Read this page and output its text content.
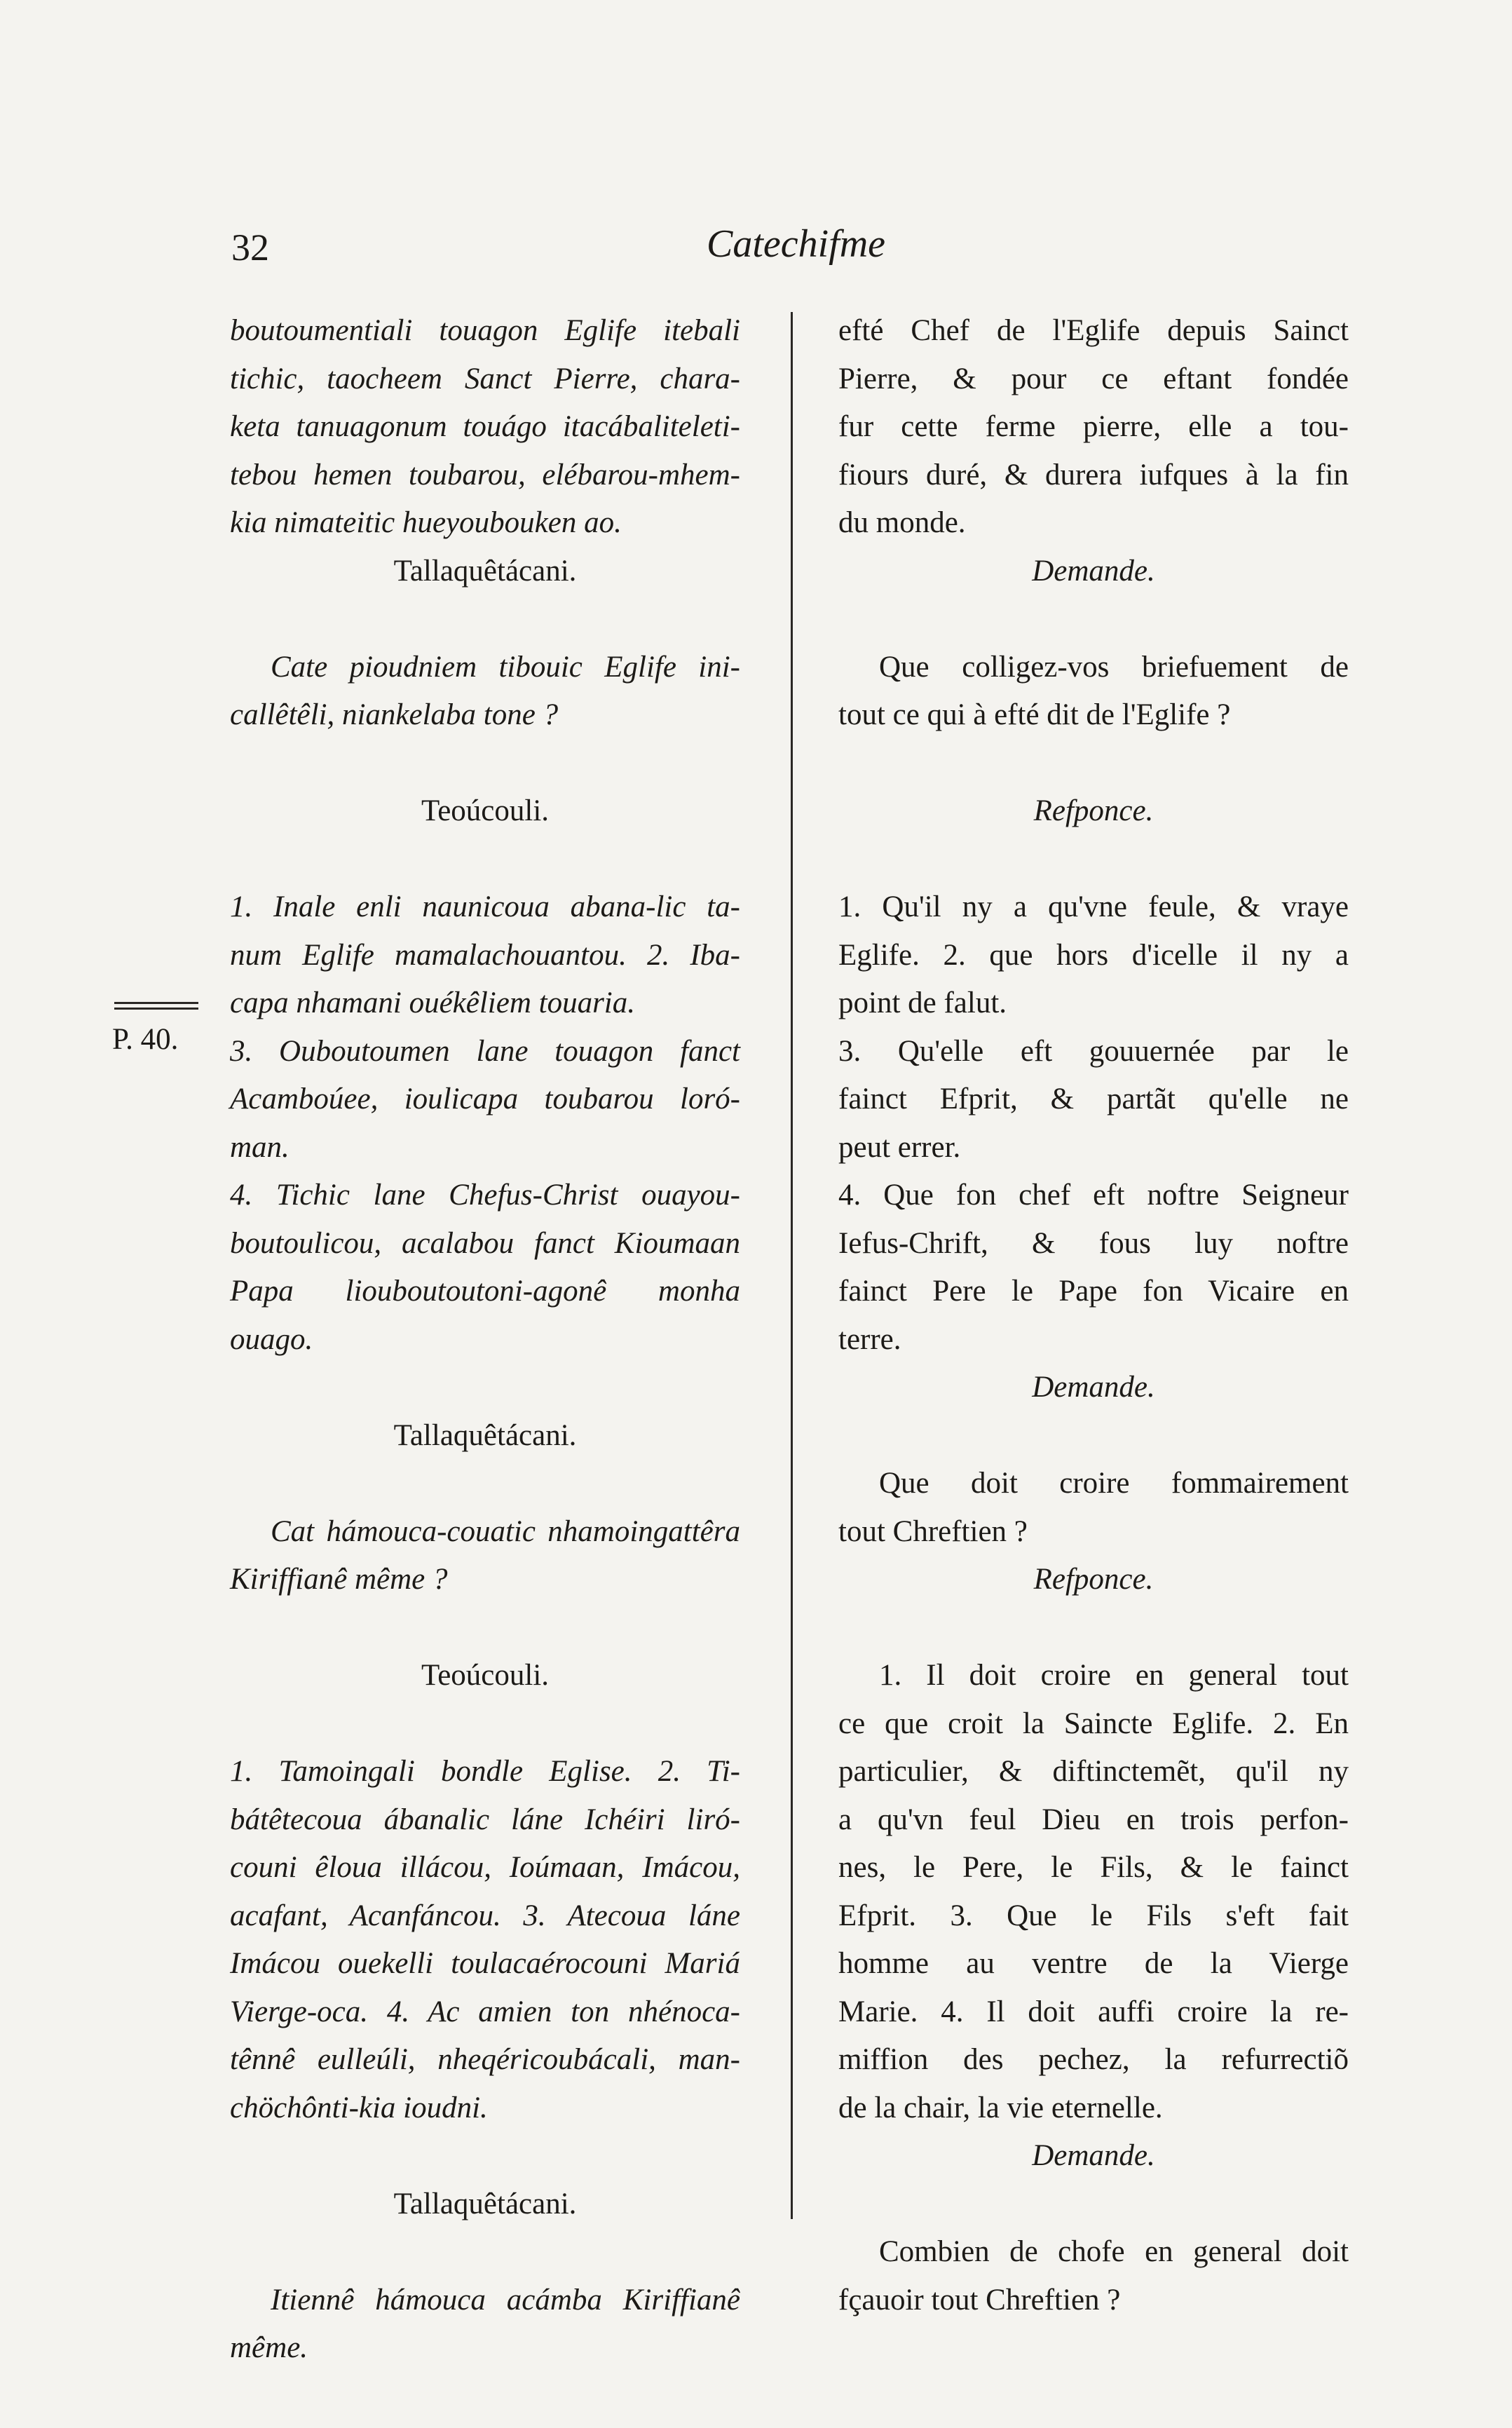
32	Catechifme
P. 40.

boutoumentiali touagon Eglife itebali

tichic, taocheem Sanct Pierre, chara-

keta tanuagonum touágo itacábaliteleti-

tebou hemen toubarou, elébarou-mhem-

kia nimateitic hueyoubouken ao.

Tallaquêtácani.

Cate pioudniem tibouic Eglife ini-

callêtêli, niankelaba tone ?

Teoúcouli.

1. Inale enli naunicoua abana-lic ta-

num Eglife mamalachouantou. 2. Iba-

capa nhamani ouékêliem touaria.

3. Ouboutoumen lane touagon fanct

Acamboúee, ioulicapa toubarou loró-

man.

4. Tichic lane Chefus-Christ ouayou-

boutoulicou, acalabou fanct Kioumaan

Papa liouboutoutoni-agonê monha

ouago.

Tallaquêtácani.

Cat hámouca-couatic nhamoingattêra

Kiriffianê même ?

Teoúcouli.

1. Tamoingali bondle Eglise. 2. Ti-

bátêtecoua ábanalic láne Ichéiri liró-

couni êloua illácou, Ioúmaan, Imácou,

acafant, Acanfáncou. 3. Atecoua láne

Imácou ouekelli toulacaérocouni Mariá

Vierge-oca. 4. Ac amien ton nhénoca-

tênnê eulleúli, nheqéricoubácali, man-

chöchônti-kia ioudni.

Tallaquêtácani.

Itiennê hámouca acámba Kiriffianê

même.

efté Chef de l'Eglife depuis Sainct

Pierre, & pour ce eftant fondée

fur cette ferme pierre, elle a tou-

fiours duré, & durera iufques à la fin

du monde.

Demande.

Que colligez-vos briefuement de

tout ce qui à efté dit de l'Eglife ?

Refponce.

1. Qu'il ny a qu'vne feule, & vraye

Eglife. 2. que hors d'icelle il ny a

point de falut.

3. Qu'elle eft gouuernée par le

fainct Efprit, & partãt qu'elle ne

peut errer.

4. Que fon chef eft noftre Seigneur

Iefus-Chrift, & fous luy noftre

fainct Pere le Pape fon Vicaire en

terre.

Demande.

Que doit croire fommairement

tout Chreftien ?

Refponce.

1. Il doit croire en general tout

ce que croit la Saincte Eglife. 2. En

particulier, & diftinctemẽt, qu'il ny

a qu'vn feul Dieu en trois perfon-

nes, le Pere, le Fils, & le fainct

Efprit. 3. Que le Fils s'eft fait

homme au ventre de la Vierge

Marie. 4. Il doit auffi croire la re-

miffion des pechez, la refurrectiõ

de la chair, la vie eternelle.

Demande.

Combien de chofe en general doit

fçauoir tout Chreftien ?
